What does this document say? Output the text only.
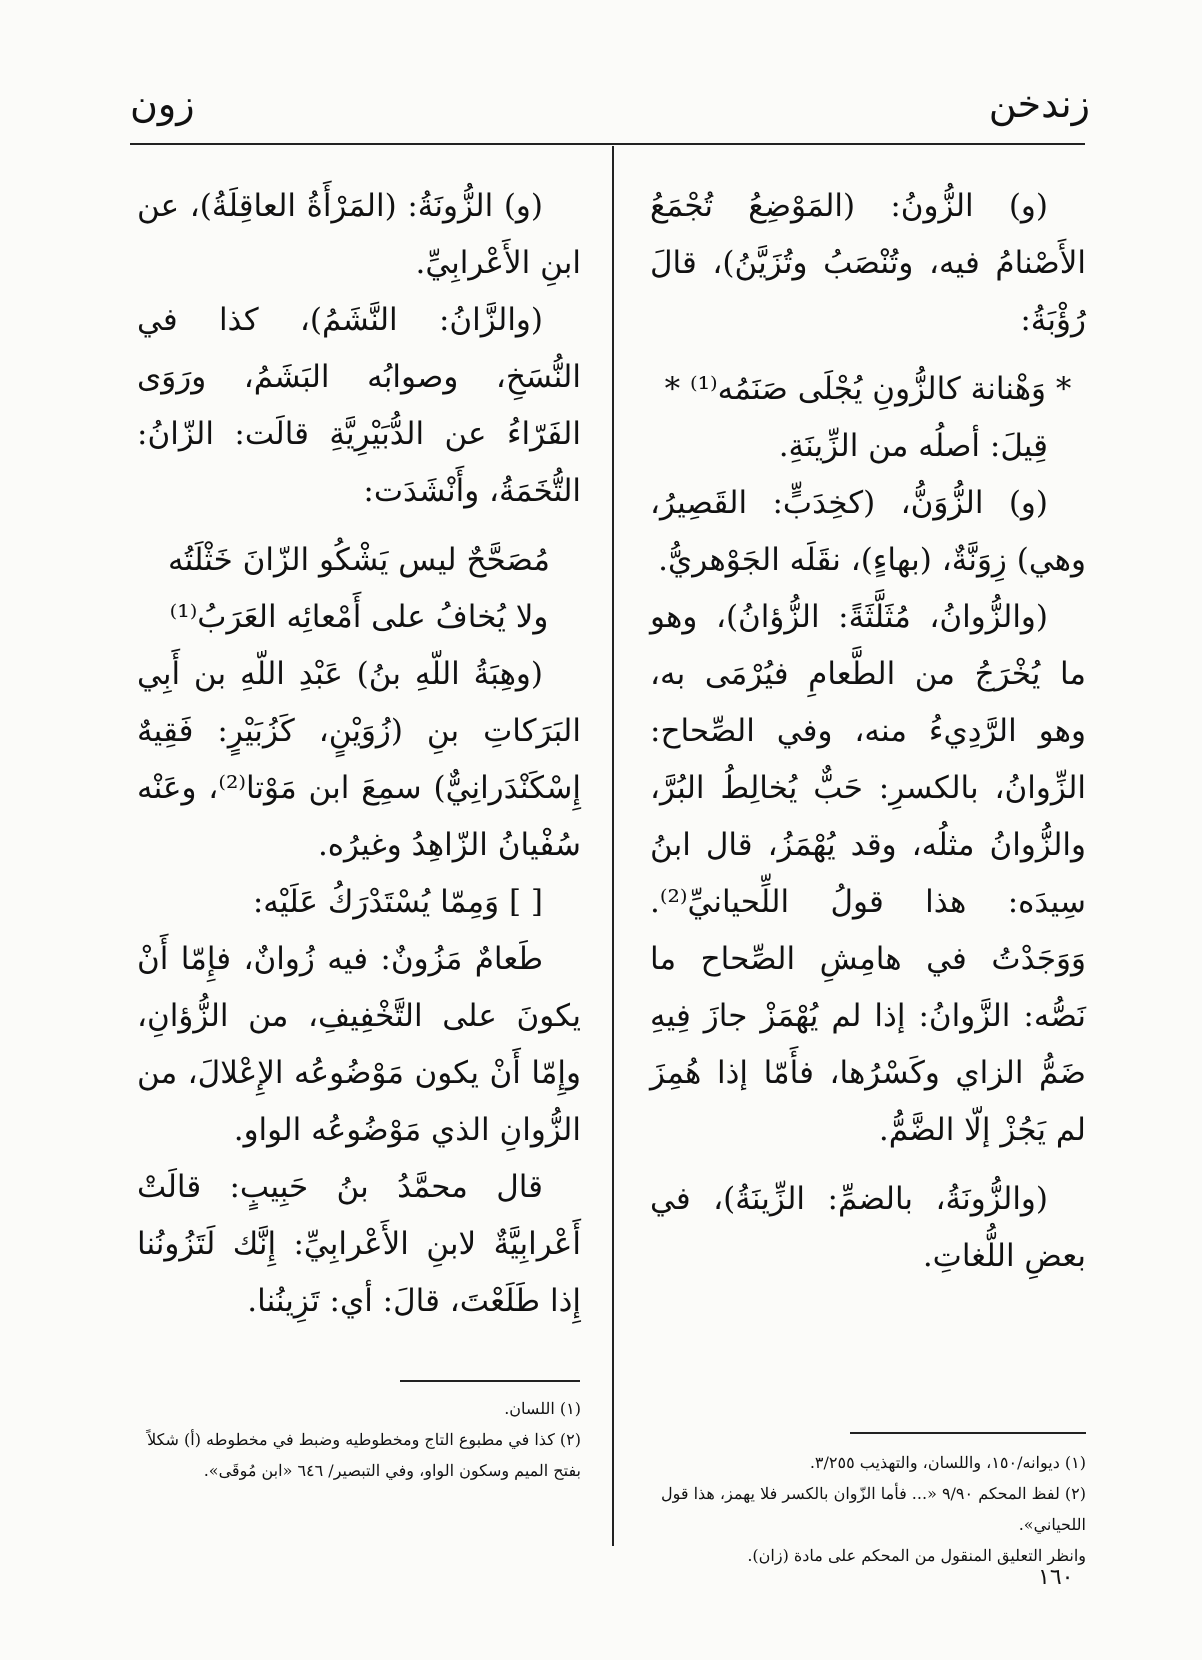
زندخن
زون

(و) الزُّونُ: (المَوْضِعُ تُجْمَعُ الأَصْنامُ فيه، وتُنْصَبُ وتُزَيَّنُ)، قالَ رُؤْبَةُ:

* وَهْنانة كالزُّونِ يُجْلَى صَنَمُه⁽¹⁾ *

قِيلَ: أصلُه من الزِّينَةِ.

(و) الزُّوَنُّ، (كخِدَبٍّ: القَصِيرُ، وهي) زِوَنَّةٌ، (بهاءٍ)، نقَلَه الجَوْهريُّ.

(والزُّوانُ، مُثَلَّثَةً: الزُّؤانُ)، وهو ما يُخْرَجُ من الطَّعامِ فيُرْمَى به، وهو الرَّدِيءُ منه، وفي الصِّحاح: الزِّوانُ، بالكسرِ: حَبٌّ يُخالِطُ البُرَّ، والزُّوانُ مثلُه، وقد يُهْمَزُ، قال ابنُ سِيدَه: هذا قولُ اللِّحيانيِّ⁽²⁾. وَوَجَدْتُ في هامِشِ الصِّحاح ما نَصُّه: الزَّوانُ: إذا لم يُهْمَزْ جازَ فِيهِ ضَمُّ الزاي وكَسْرُها، فأَمّا إذا هُمِزَ لم يَجُزْ إلّا الضَّمُّ.

(والزُّونَةُ، بالضمِّ: الزِّينَةُ)، في بعضِ اللُّغاتِ.

(و) الزُّونَةُ: (المَرْأَةُ العاقِلَةُ)، عن ابنِ الأَعْرابِيِّ.

(والزَّانُ: النَّشَمُ)، كذا في النُّسَخِ، وصوابُه البَشَمُ، ورَوَى الفَرّاءُ عن الدُّبَيْرِيَّةِ قالَت: الزّانُ: التُّخَمَةُ، وأَنْشَدَت:

مُصَحَّحٌ ليس يَشْكُو الزّانَ خَثْلَتُه

ولا يُخافُ على أَمْعائِه العَرَبُ⁽¹⁾

(وهِبَةُ اللّهِ بنُ) عَبْدِ اللّهِ بن أَبِي البَرَكاتِ بنِ (زُوَيْنٍ، كَزُبَيْرٍ: فَقِيهٌ إِسْكَنْدَرانِيٌّ) سمِعَ ابن مَوْتا⁽²⁾، وعَنْه سُفْيانُ الزّاهِدُ وغيرُه.

[ ] وَمِمّا يُسْتَدْرَكُ عَلَيْه:

طَعامٌ مَزُونٌ: فيه زُوانٌ، فإِمّا أَنْ يكونَ على التَّخْفِيفِ، من الزُّؤانِ، وإِمّا أَنْ يكون مَوْضُوعُه الإِعْلالَ، من الزُّوانِ الذي مَوْضُوعُه الواو.

قال محمَّدُ بنُ حَبِيبٍ: قالَتْ أَعْرابِيَّةٌ لابنِ الأَعْرابِيِّ: إِنَّك لَتَزُونُنا إِذا طَلَعْتَ، قالَ: أي: تَزِينُنا.

(١) ديوانه/١٥٠، واللسان، والتهذيب ٣/٢٥٥.

(٢) لفظ المحكم ٩/٩٠ «... فأما الزّوان بالكسر فلا يهمز، هذا قول اللحياني».

وانظر التعليق المنقول من المحكم على مادة (زان).

(١) اللسان.

(٢) كذا في مطبوع التاج ومخطوطيه وضبط في مخطوطه (أ) شكلاً بفتح الميم وسكون الواو، وفي التبصير/ ٦٤٦ «ابن مُوقَى».

١٦٠
